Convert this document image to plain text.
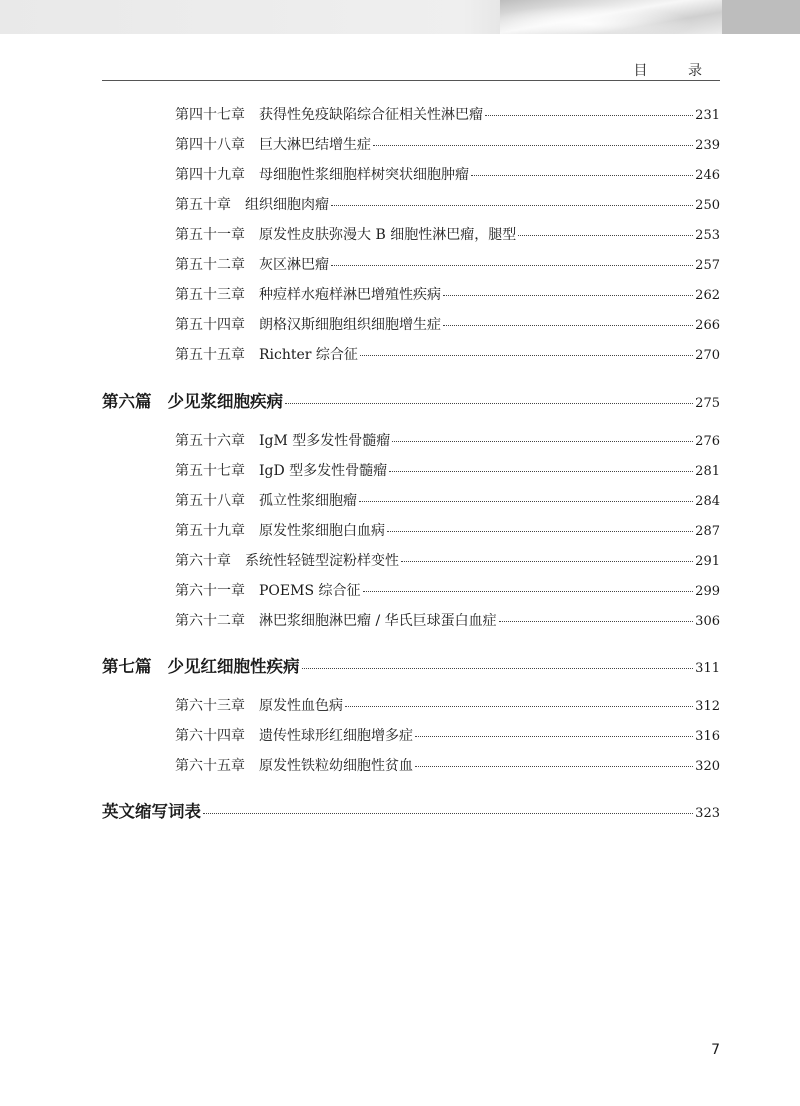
目 录
第四十七章 获得性免疫缺陷综合征相关性淋巴瘤	231
第四十八章 巨大淋巴结增生症	239
第四十九章 母细胞性浆细胞样树突状细胞肿瘤	246
第五十章 组织细胞肉瘤	250
第五十一章 原发性皮肤弥漫大 B 细胞性淋巴瘤，腿型	253
第五十二章 灰区淋巴瘤	257
第五十三章 种痘样水疱样淋巴增殖性疾病	262
第五十四章 朗格汉斯细胞组织细胞增生症	266
第五十五章 Richter 综合征	270
第六篇 少见浆细胞疾病	275
第五十六章 IgM 型多发性骨髓瘤	276
第五十七章 IgD 型多发性骨髓瘤	281
第五十八章 孤立性浆细胞瘤	284
第五十九章 原发性浆细胞白血病	287
第六十章 系统性轻链型淀粉样变性	291
第六十一章 POEMS 综合征	299
第六十二章 淋巴浆细胞淋巴瘤 / 华氏巨球蛋白血症	306
第七篇 少见红细胞性疾病	311
第六十三章 原发性血色病	312
第六十四章 遗传性球形红细胞增多症	316
第六十五章 原发性铁粒幼细胞性贫血	320
英文缩写词表	323
7
